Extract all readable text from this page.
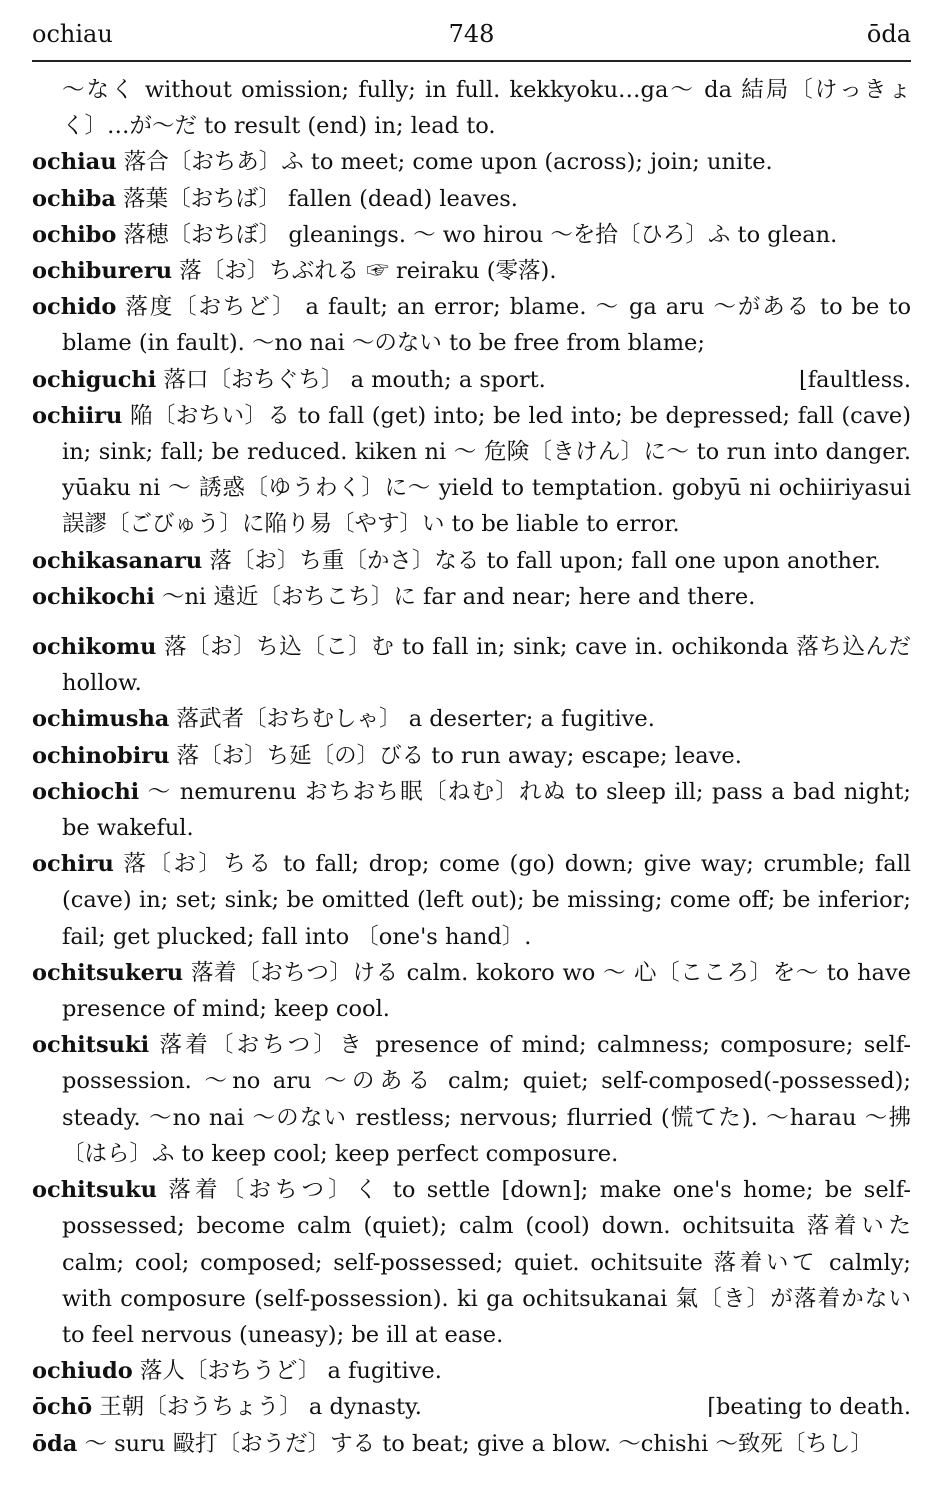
ochiau	748	ōda

～なく without omission; fully; in full. kekkyoku…ga～ da 結局〔けっきょく〕…が～だ to result (end) in; lead to.

ochiau 落合〔おちあ〕ふ to meet; come upon (across); join; unite.

ochiba 落葉〔おちば〕 fallen (dead) leaves.

ochibo 落穂〔おちぼ〕 gleanings. ～ wo hirou ～を拾〔ひろ〕ふ to glean.

ochibureru 落〔お〕ちぶれる ☞ reiraku (零落).

ochido 落度〔おちど〕 a fault; an error; blame. ～ ga aru ～がある to be to blame (in fault). ～no nai ～のない to be free from blame;

ochiguchi 落口〔おちぐち〕 a mouth; a sport.	⌊faultless.

ochiiru 陥〔おちい〕る to fall (get) into; be led into; be depressed; fall (cave) in; sink; fall; be reduced. kiken ni ～ 危険〔きけん〕に～ to run into danger. yūaku ni ～ 誘惑〔ゆうわく〕に～ yield to temptation. gobyū ni ochiiriyasui 誤謬〔ごびゅう〕に陥り易〔やす〕い to be liable to error.

ochikasanaru 落〔お〕ち重〔かさ〕なる to fall upon; fall one upon another.

ochikochi ～ni 遠近〔おちこち〕に far and near; here and there.

ochikomu 落〔お〕ち込〔こ〕む to fall in; sink; cave in. ochikonda 落ち込んだ hollow.

ochimusha 落武者〔おちむしゃ〕 a deserter; a fugitive.

ochinobiru 落〔お〕ち延〔の〕びる to run away; escape; leave.

ochiochi ～ nemurenu おちおち眠〔ねむ〕れぬ to sleep ill; pass a bad night; be wakeful.

ochiru 落〔お〕ちる to fall; drop; come (go) down; give way; crumble; fall (cave) in; set; sink; be omitted (left out); be missing; come off; be inferior; fail; get plucked; fall into 〔one's hand〕.

ochitsukeru 落着〔おちつ〕ける calm. kokoro wo ～ 心〔こころ〕を～ to have presence of mind; keep cool.

ochitsuki 落着〔おちつ〕き presence of mind; calmness; composure; self-possession. ～no aru ～のある calm; quiet; self-composed(-possessed); steady. ～no nai ～のない restless; nervous; flurried (慌てた). ～harau ～拂〔はら〕ふ to keep cool; keep perfect composure.

ochitsuku 落着〔おちつ〕く to settle [down]; make one's home; be self-possessed; become calm (quiet); calm (cool) down. ochitsuita 落着いた calm; cool; composed; self-possessed; quiet. ochitsuite 落着いて calmly; with composure (self-possession). ki ga ochitsukanai 氣〔き〕が落着かない to feel nervous (uneasy); be ill at ease.

ochiudo 落人〔おちうど〕 a fugitive.

ōchō 王朝〔おうちょう〕 a dynasty.	⌈beating to death.

ōda ～ suru 毆打〔おうだ〕する to beat; give a blow. ～chishi ～致死〔ちし〕
